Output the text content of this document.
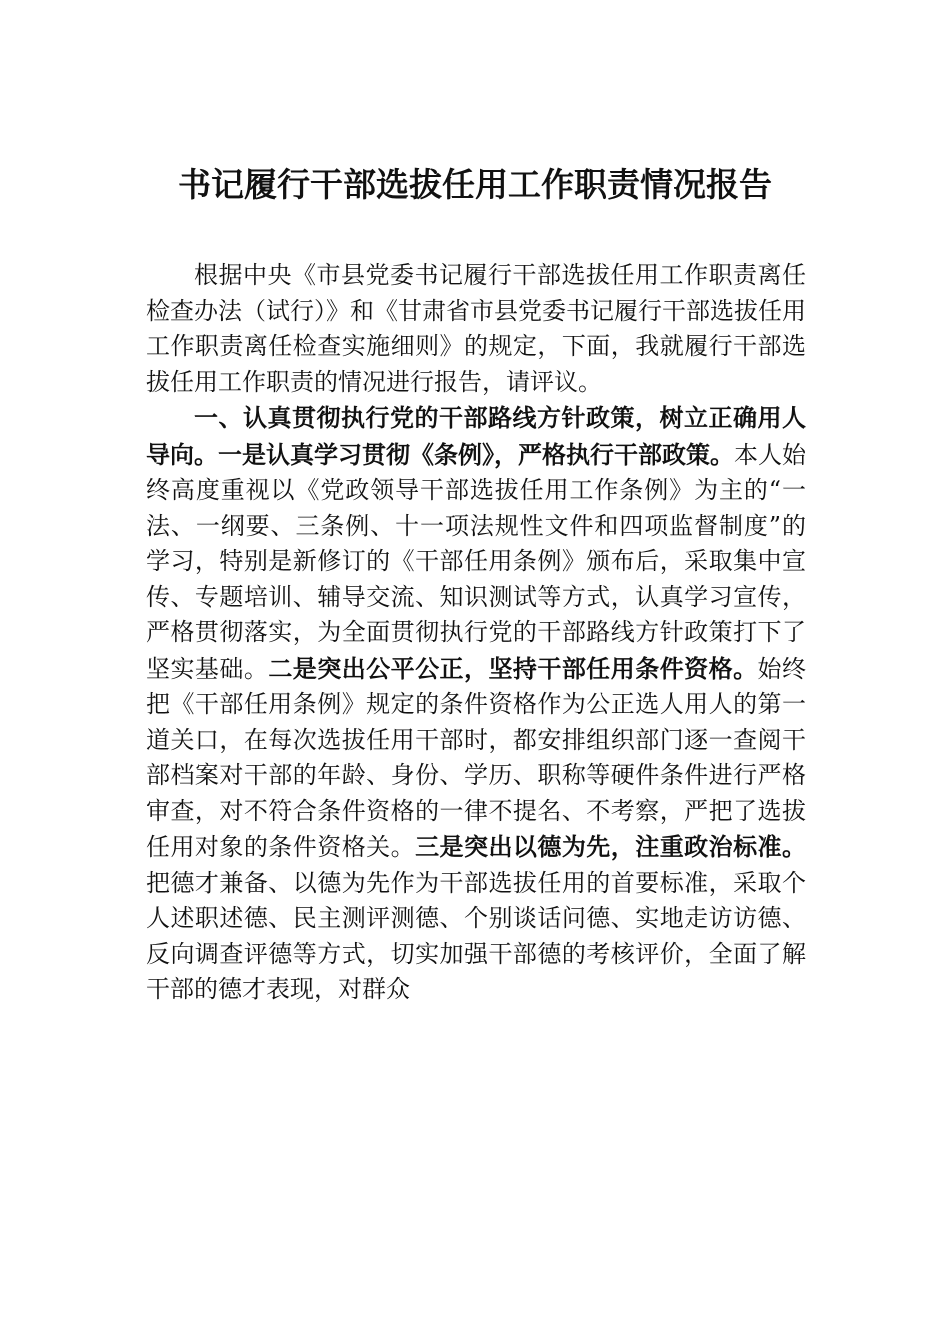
书记履行干部选拔任用工作职责情况报告

根据中央《市县党委书记履行干部选拔任用工作职责离任检查办法（试行）》和《甘肃省市县党委书记履行干部选拔任用工作职责离任检查实施细则》的规定，下面，我就履行干部选拔任用工作职责的情况进行报告，请评议。

一、认真贯彻执行党的干部路线方针政策，树立正确用人导向。一是认真学习贯彻《条例》，严格执行干部政策。本人始终高度重视以《党政领导干部选拔任用工作条例》为主的“一法、一纲要、三条例、十一项法规性文件和四项监督制度”的学习，特别是新修订的《干部任用条例》颁布后，采取集中宣传、专题培训、辅导交流、知识测试等方式，认真学习宣传，严格贯彻落实，为全面贯彻执行党的干部路线方针政策打下了坚实基础。二是突出公平公正，坚持干部任用条件资格。始终把《干部任用条例》规定的条件资格作为公正选人用人的第一道关口，在每次选拔任用干部时，都安排组织部门逐一查阅干部档案对干部的年龄、身份、学历、职称等硬件条件进行严格审查，对不符合条件资格的一律不提名、不考察，严把了选拔任用对象的条件资格关。三是突出以德为先，注重政治标准。把德才兼备、以德为先作为干部选拔任用的首要标准，采取个人述职述德、民主测评测德、个别谈话问德、实地走访访德、反向调查评德等方式，切实加强干部德的考核评价，全面了解干部的德才表现，对群众
